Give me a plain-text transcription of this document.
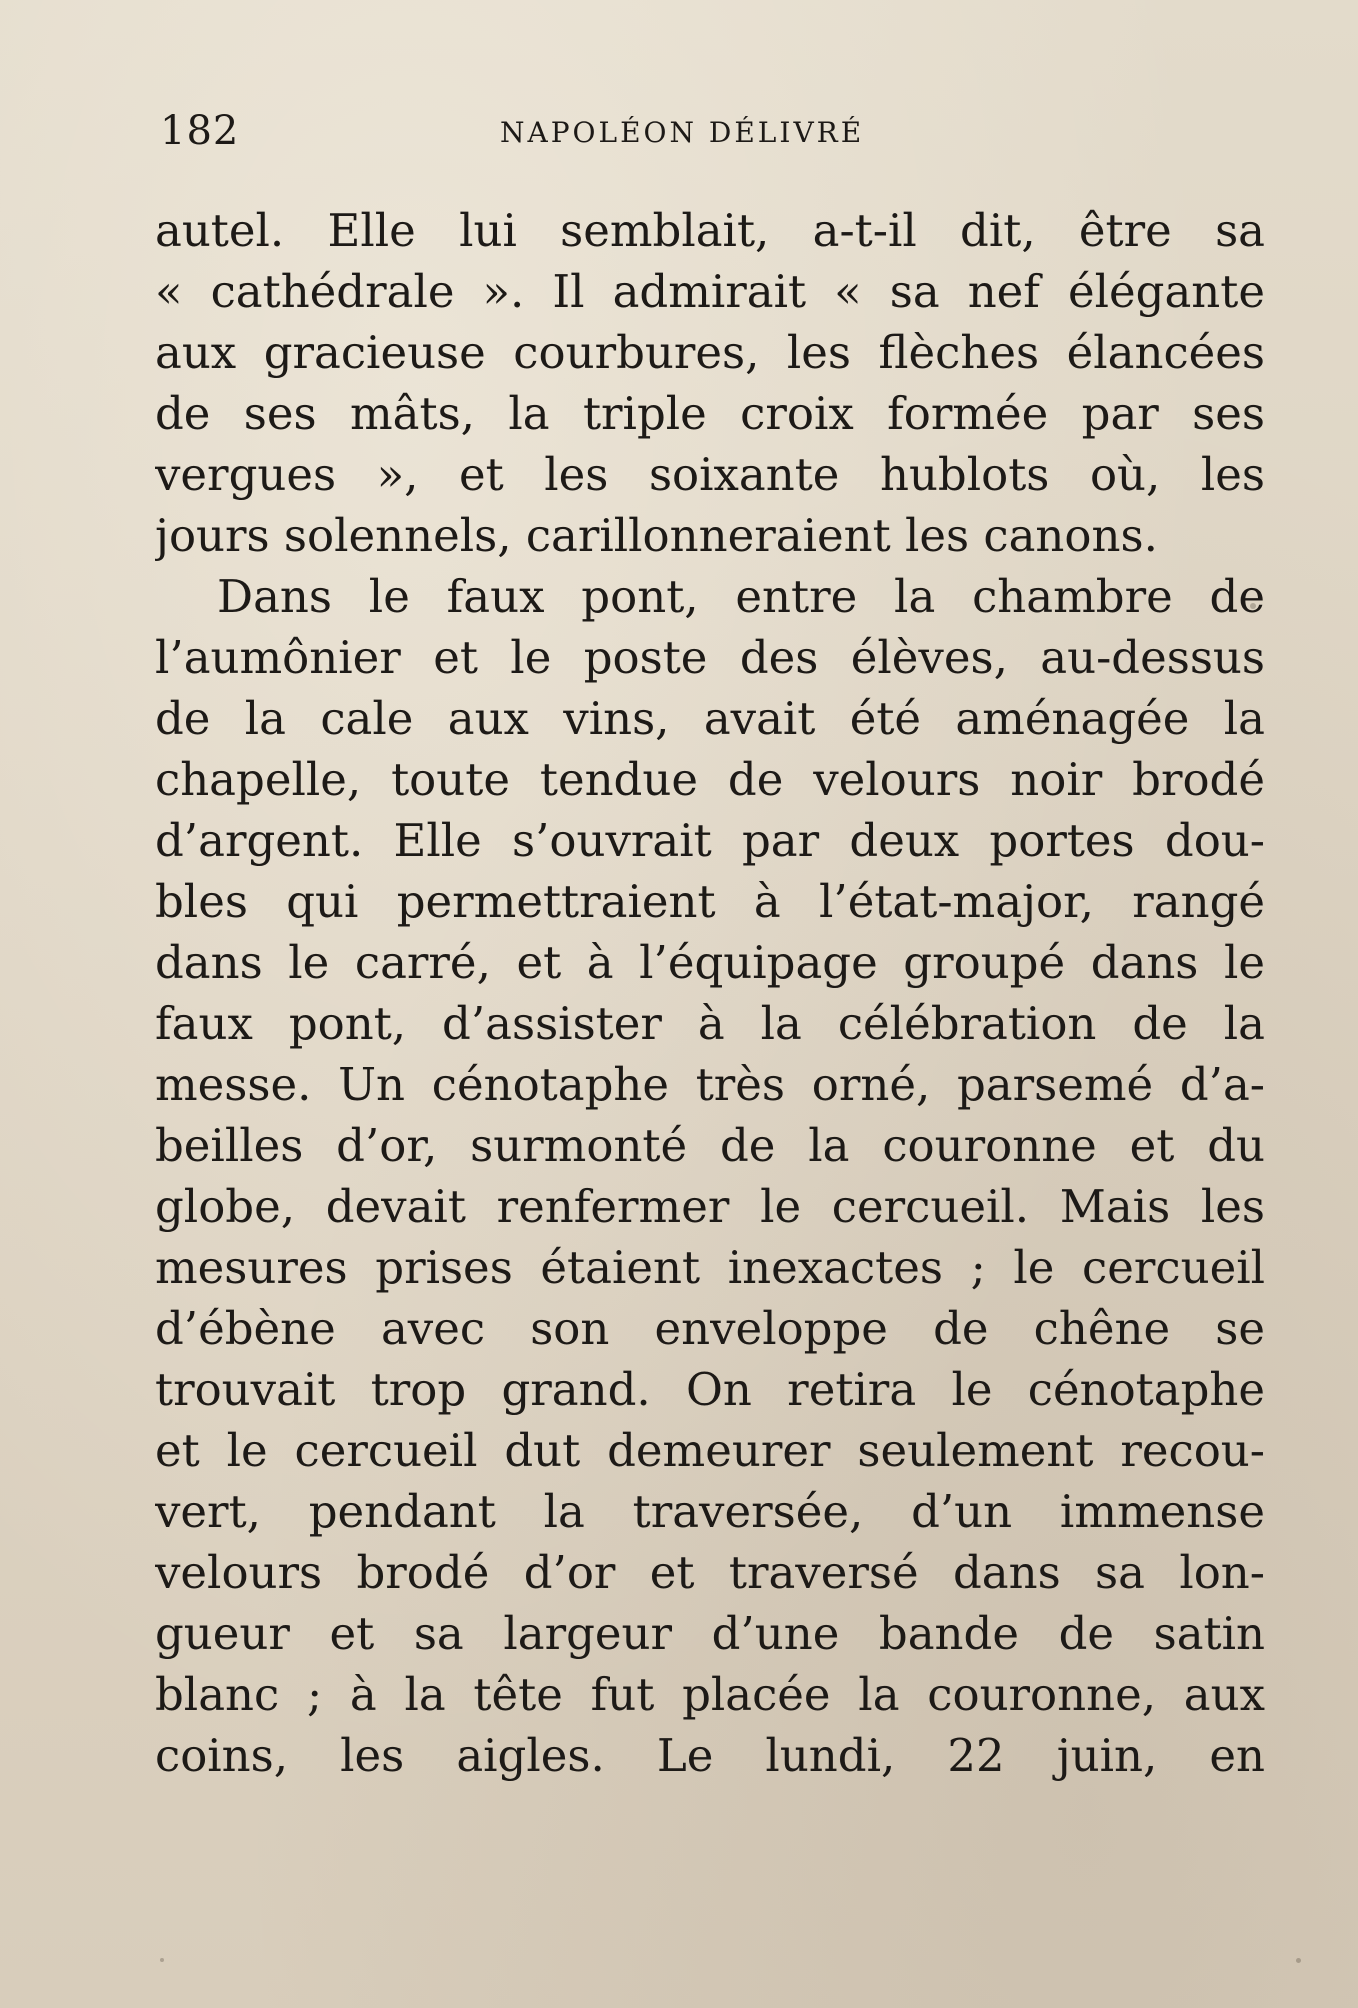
182	NAPOLÉON DÉLIVRÉ
autel. Elle lui semblait, a-t-il dit, être sa
« cathédrale ». Il admirait « sa nef élégante
aux gracieuse courbures, les flèches élancées
de ses mâts, la triple croix formée par ses
vergues », et les soixante hublots où, les
jours solennels, carillonneraient les canons.
Dans le faux pont, entre la chambre de
l’aumônier et le poste des élèves, au-dessus
de la cale aux vins, avait été aménagée la
chapelle, toute tendue de velours noir brodé
d’argent. Elle s’ouvrait par deux portes dou-
bles qui permettraient à l’état-major, rangé
dans le carré, et à l’équipage groupé dans le
faux pont, d’assister à la célébration de la
messe. Un cénotaphe très orné, parsemé d’a-
beilles d’or, surmonté de la couronne et du
globe, devait renfermer le cercueil. Mais les
mesures prises étaient inexactes ; le cercueil
d’ébène avec son enveloppe de chêne se
trouvait trop grand. On retira le cénotaphe
et le cercueil dut demeurer seulement recou-
vert, pendant la traversée, d’un immense
velours brodé d’or et traversé dans sa lon-
gueur et sa largeur d’une bande de satin
blanc ; à la tête fut placée la couronne, aux
coins, les aigles. Le lundi, 22 juin, en
